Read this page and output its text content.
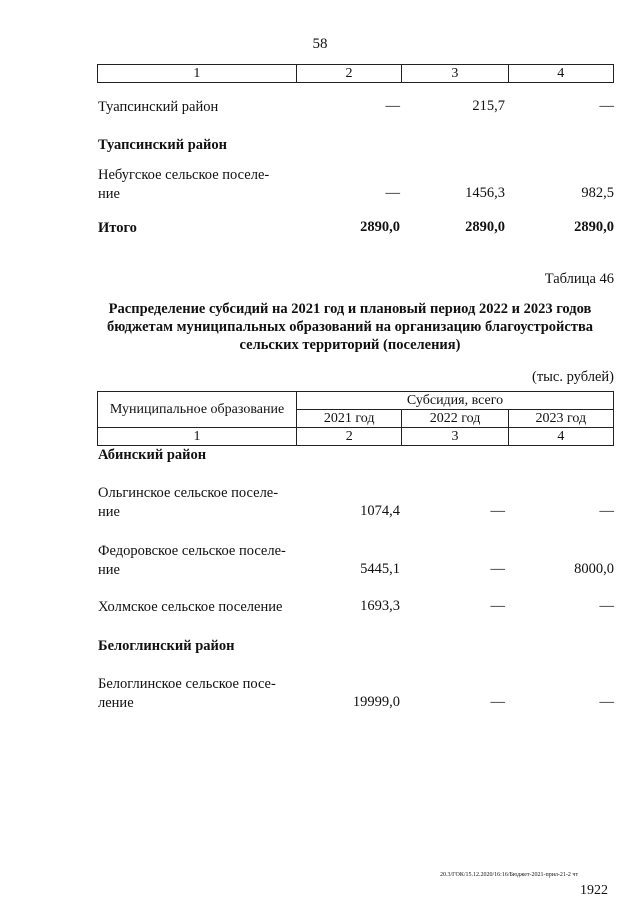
58
1	2	3	4
Туапсинский район	—	215,7	—
Туапсинский район
Небугское сельское поселе-
ние	—	1456,3	982,5
Итого	2890,0	2890,0	2890,0
Таблица 46
Распределение субсидий на 2021 год и плановый период 2022 и 2023 годов
бюджетам муниципальных образований на организацию благоустройства
сельских территорий (поселения)
(тыс. рублей)
Муниципальное образование	Субсидия, всего		
	2021 год	2022 год	2023 год
1	2	3	4
Абинский район
Ольгинское сельское поселе-
ние	1074,4	—	—
Федоровское сельское поселе-
ние	5445,1	—	8000,0
Холмское сельское поселение	1693,3	—	—
Белоглинский район
Белоглинское сельское посе-
ление	19999,0	—	—
20.3/ГОК/15.12.2020/16:16/Бюджет-2021-прил-21-2 чт
1922
